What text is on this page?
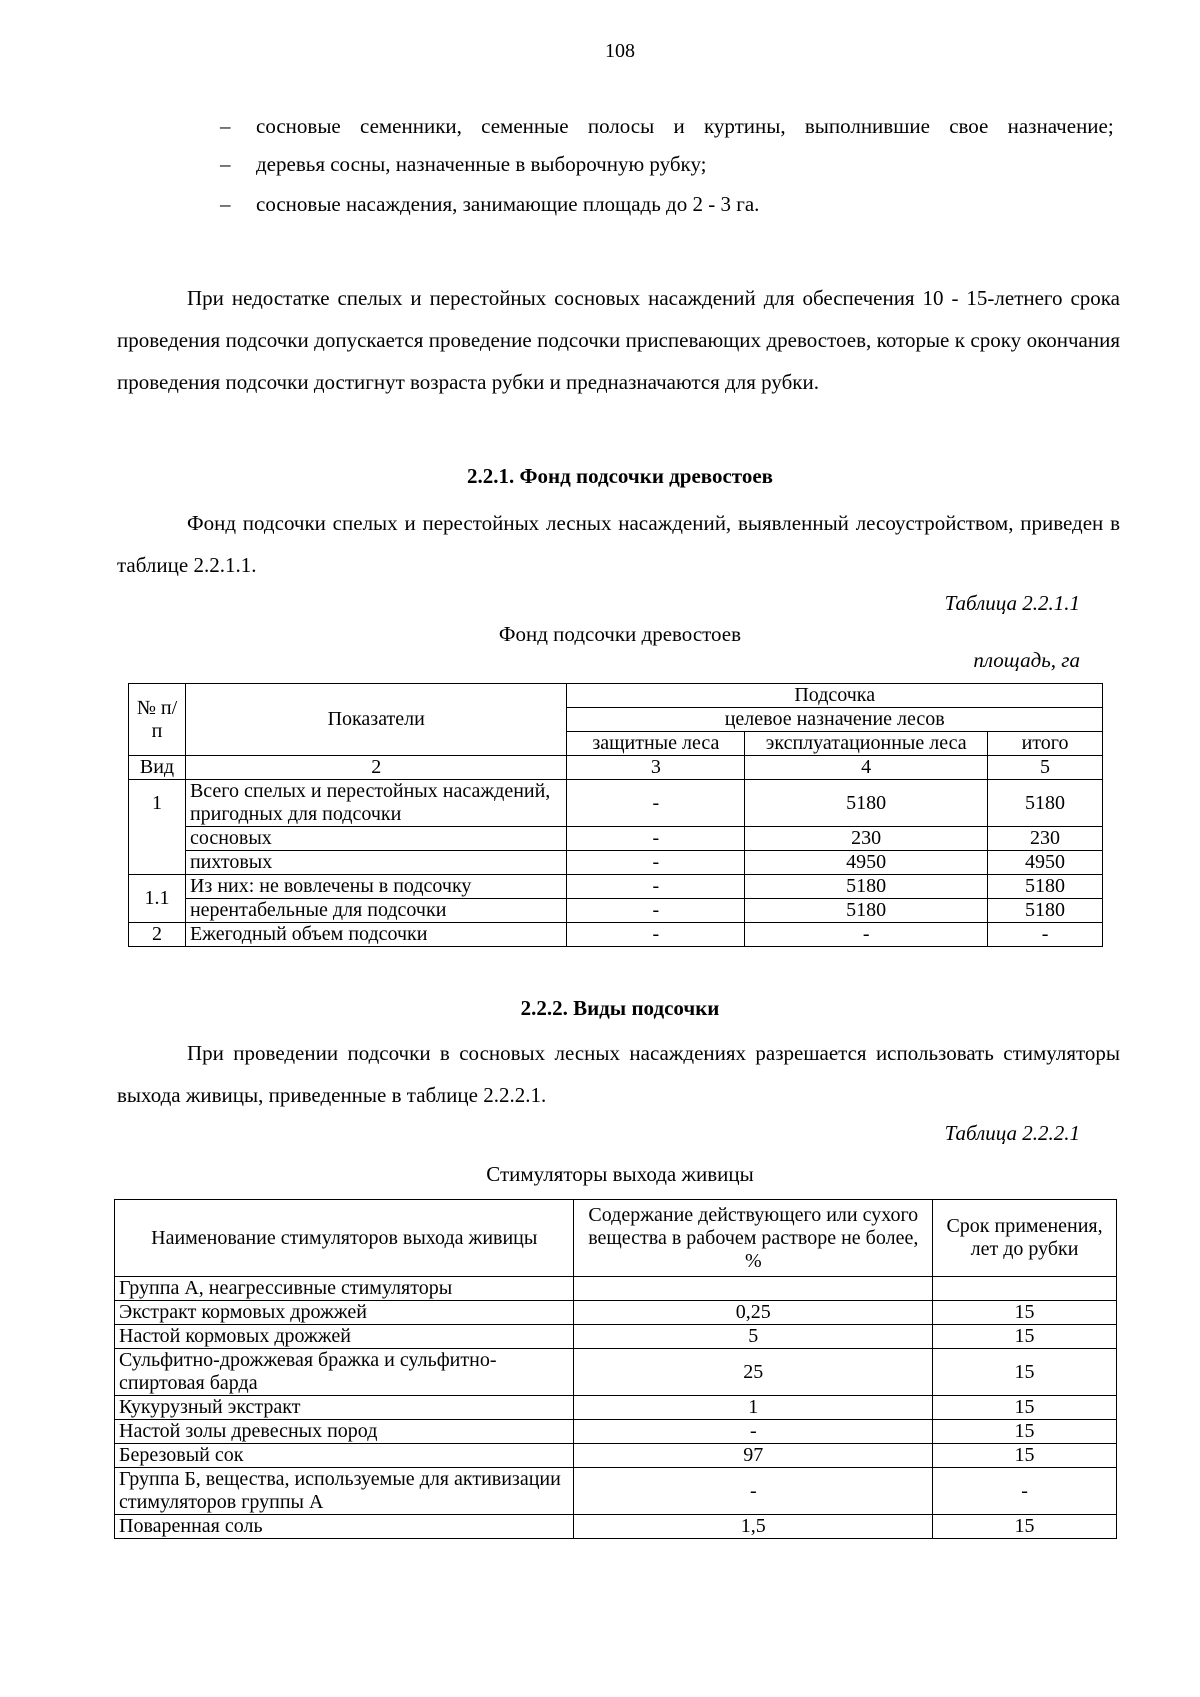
108
–	сосновые семенники, семенные полосы и куртины, выполнившие свое назначение;
–	деревья сосны, назначенные в выборочную рубку;
–	сосновые насаждения, занимающие площадь до 2 - 3 га.

При недостатке спелых и перестойных сосновых насаждений для обеспечения 10 - 15-летнего срока проведения подсочки допускается проведение подсочки приспевающих древостоев, которые к сроку окончания проведения подсочки достигнут возраста рубки и предназначаются для рубки.

2.2.1. Фонд подсочки древостоев

Фонд подсочки спелых и перестойных лесных насаждений, выявленный лесоустройством, приведен в таблице 2.2.1.1.

Таблица 2.2.1.1
Фонд подсочки древостоев
площадь, га
№ п/п	Показатели	Подсочка		
		целевое назначение лесов		
		защитные леса	эксплуатационные леса	итого
Вид	2	3	4	5
1	Всего спелых и перестойных насаждений, пригодных для подсочки	-	5180	5180
	сосновых	-	230	230
	пихтовых	-	4950	4950
1.1	Из них: не вовлечены в подсочку	-	5180	5180
	нерентабельные для подсочки	-	5180	5180
2	Ежегодный объем подсочки	-	-	-
2.2.2. Виды подсочки

При проведении подсочки в сосновых лесных насаждениях разрешается использовать стимуляторы выхода живицы, приведенные в таблице 2.2.2.1.

Таблица 2.2.2.1
Стимуляторы выхода живицы
Наименование стимуляторов выхода живицы	Содержание действующего или сухого вещества в рабочем растворе не более, %	Срок применения, лет до рубки
Группа А, неагрессивные стимуляторы		
Экстракт кормовых дрожжей	0,25	15
Настой кормовых дрожжей	5	15
Сульфитно-дрожжевая бражка и сульфитно-спиртовая барда	25	15
Кукурузный экстракт	1	15
Настой золы древесных пород	-	15
Березовый сок	97	15
Группа Б, вещества, используемые для активизации стимуляторов группы А	-	-
Поваренная соль	1,5	15
